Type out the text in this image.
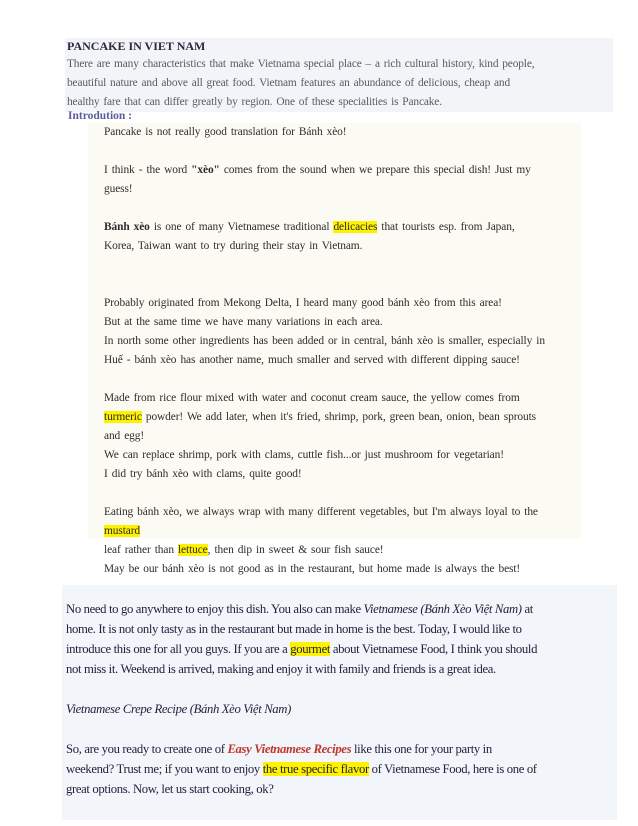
PANCAKE IN VIET NAM

There are many characteristics that make Vietnama special place – a rich cultural history, kind people,

beautiful nature and above all great food. Vietnam features an abundance of delicious, cheap and

healthy fare that can differ greatly by region. One of these specialities is Pancake.

Introdution :

Pancake is not really good translation for Bánh xèo!

I think - the word "xèo" comes from the sound when we prepare this special dish! Just my

guess!

Bánh xèo is one of many Vietnamese traditional delicacies that tourists esp. from Japan,

Korea, Taiwan want to try during their stay in Vietnam.

Probably originated from Mekong Delta, I heard many good bánh xèo from this area!

But at the same time we have many variations in each area.

In north some other ingredients has been added or in central, bánh xèo is smaller, especially in

Huế - bánh xèo has another name, much smaller and served with different dipping sauce!

Made from rice flour mixed with water and coconut cream sauce, the yellow comes from

turmeric powder! We add later, when it's fried, shrimp, pork, green bean, onion, bean sprouts

and egg!

We can replace shrimp, pork with clams, cuttle fish...or just mushroom for vegetarian!

I did try bánh xèo with clams, quite good!

Eating bánh xèo, we always wrap with many different vegetables, but I'm always loyal to the

mustard

leaf rather than lettuce, then dip in sweet & sour fish sauce!

May be our bánh xèo is not good as in the restaurant, but home made is always the best!

No need to go anywhere to enjoy this dish. You also can make Vietnamese (Bánh Xèo Việt Nam) at

home. It is not only tasty as in the restaurant but made in home is the best. Today, I would like to

introduce this one for all you guys. If you are a gourmet about Vietnamese Food, I think you should

not miss it. Weekend is arrived, making and enjoy it with family and friends is a great idea.

Vietnamese Crepe Recipe (Bánh Xèo Việt Nam)

So, are you ready to create one of Easy Vietnamese Recipes like this one for your party in

weekend? Trust me; if you want to enjoy the true specific flavor of Vietnamese Food, here is one of

great options. Now, let us start cooking, ok?
